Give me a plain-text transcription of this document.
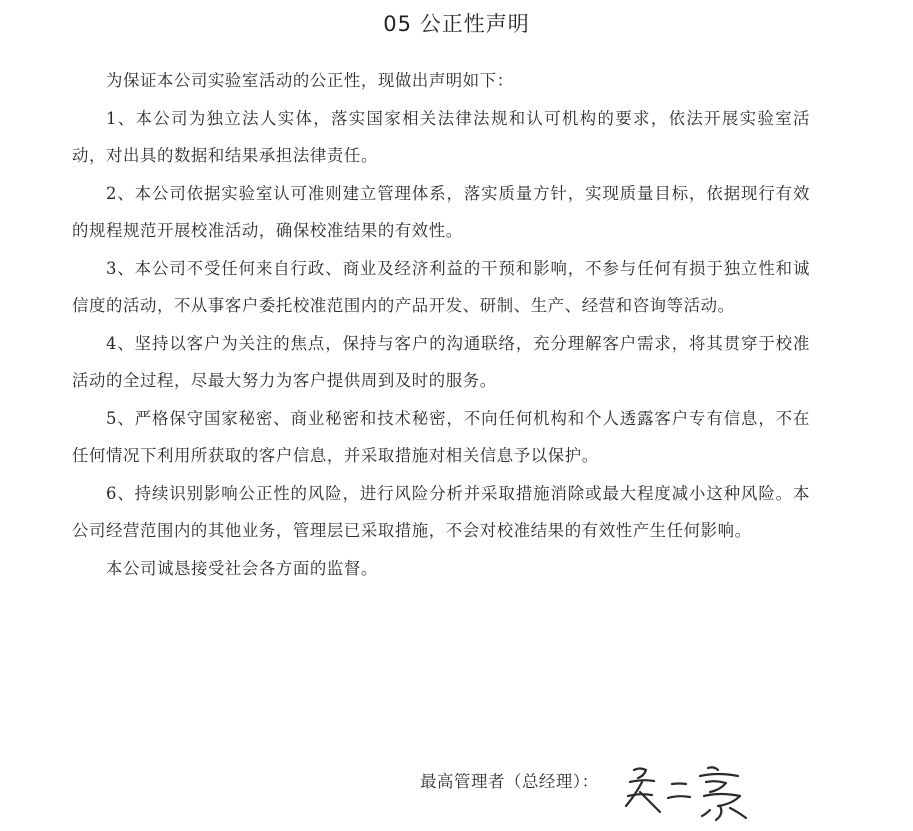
05 公正性声明

为保证本公司实验室活动的公正性，现做出声明如下：

1、本公司为独立法人实体，落实国家相关法律法规和认可机构的要求，依法开展实验室活动，对出具的数据和结果承担法律责任。

2、本公司依据实验室认可准则建立管理体系，落实质量方针，实现质量目标，依据现行有效的规程规范开展校准活动，确保校准结果的有效性。

3、本公司不受任何来自行政、商业及经济利益的干预和影响，不参与任何有损于独立性和诚信度的活动，不从事客户委托校准范围内的产品开发、研制、生产、经营和咨询等活动。

4、坚持以客户为关注的焦点，保持与客户的沟通联络，充分理解客户需求，将其贯穿于校准活动的全过程，尽最大努力为客户提供周到及时的服务。

5、严格保守国家秘密、商业秘密和技术秘密，不向任何机构和个人透露客户专有信息，不在任何情况下利用所获取的客户信息，并采取措施对相关信息予以保护。

6、持续识别影响公正性的风险，进行风险分析并采取措施消除或最大程度减小这种风险。本公司经营范围内的其他业务，管理层已采取措施，不会对校准结果的有效性产生任何影响。

本公司诚恳接受社会各方面的监督。

最高管理者（总经理）：
